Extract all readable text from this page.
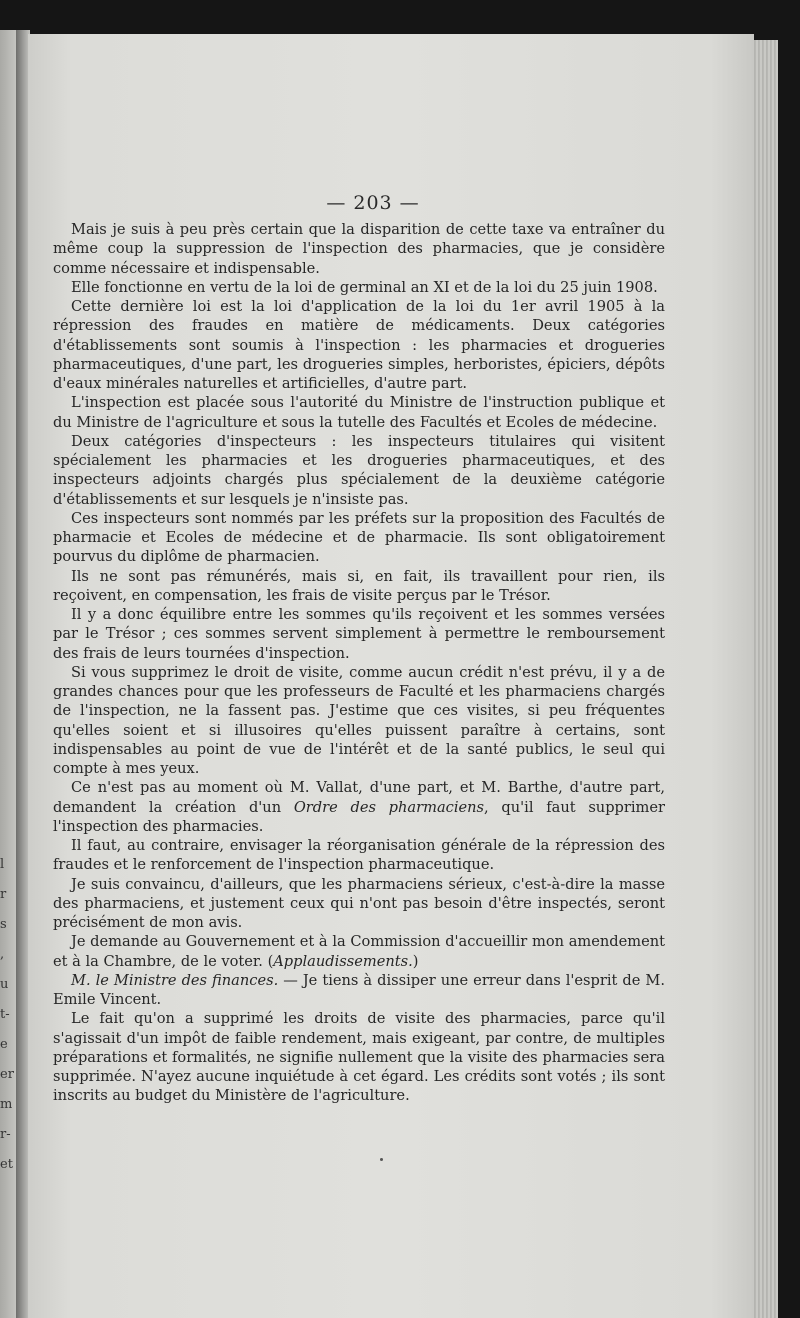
l
r
s
,
u
t-
e
er
m
r-
et
— 203 —

Mais je suis à peu près certain que la disparition de cette taxe va entraîner du même coup la suppression de l'inspection des pharmacies, que je considère comme nécessaire et indispensable.

Elle fonctionne en vertu de la loi de germinal an XI et de la loi du 25 juin 1908.

Cette dernière loi est la loi d'application de la loi du 1er avril 1905 à la répression des fraudes en matière de médicaments. Deux catégories d'établissements sont soumis à l'inspection : les pharmacies et drogueries pharmaceutiques, d'une part, les drogueries simples, herboristes, épiciers, dépôts d'eaux minérales naturelles et artificielles, d'autre part.

L'inspection est placée sous l'autorité du Ministre de l'instruction publique et du Ministre de l'agriculture et sous la tutelle des Facultés et Ecoles de médecine.

Deux catégories d'inspecteurs : les inspecteurs titulaires qui visitent spécialement les pharmacies et les drogueries pharmaceutiques, et des inspecteurs adjoints chargés plus spécialement de la deuxième catégorie d'établissements et sur lesquels je n'insiste pas.

Ces inspecteurs sont nommés par les préfets sur la proposition des Facultés de pharmacie et Ecoles de médecine et de pharmacie. Ils sont obligatoirement pourvus du diplôme de pharmacien.

Ils ne sont pas rémunérés, mais si, en fait, ils travaillent pour rien, ils reçoivent, en compensation, les frais de visite perçus par le Trésor.

Il y a donc équilibre entre les sommes qu'ils reçoivent et les sommes versées par le Trésor ; ces sommes servent simplement à permettre le remboursement des frais de leurs tournées d'inspection.

Si vous supprimez le droit de visite, comme aucun crédit n'est prévu, il y a de grandes chances pour que les professeurs de Faculté et les pharmaciens chargés de l'inspection, ne la fassent pas. J'estime que ces visites, si peu fréquentes qu'elles soient et si illusoires qu'elles puissent paraître à certains, sont indispensables au point de vue de l'intérêt et de la santé publics, le seul qui compte à mes yeux.

Ce n'est pas au moment où M. Vallat, d'une part, et M. Barthe, d'autre part, demandent la création d'un Ordre des pharmaciens, qu'il faut supprimer l'inspection des pharmacies.

Il faut, au contraire, envisager la réorganisation générale de la répression des fraudes et le renforcement de l'inspection pharmaceutique.

Je suis convaincu, d'ailleurs, que les pharmaciens sérieux, c'est-à-dire la masse des pharmaciens, et justement ceux qui n'ont pas besoin d'être inspectés, seront précisément de mon avis.

Je demande au Gouvernement et à la Commission d'accueillir mon amendement et à la Chambre, de le voter. (Applaudissements.)

M. le Ministre des finances. — Je tiens à dissiper une erreur dans l'esprit de M. Emile Vincent.

Le fait qu'on a supprimé les droits de visite des pharmacies, parce qu'il s'agissait d'un impôt de faible rendement, mais exigeant, par contre, de multiples préparations et formalités, ne signifie nullement que la visite des pharmacies sera supprimée. N'ayez aucune inquiétude à cet égard. Les crédits sont votés ; ils sont inscrits au budget du Ministère de l'agriculture.
